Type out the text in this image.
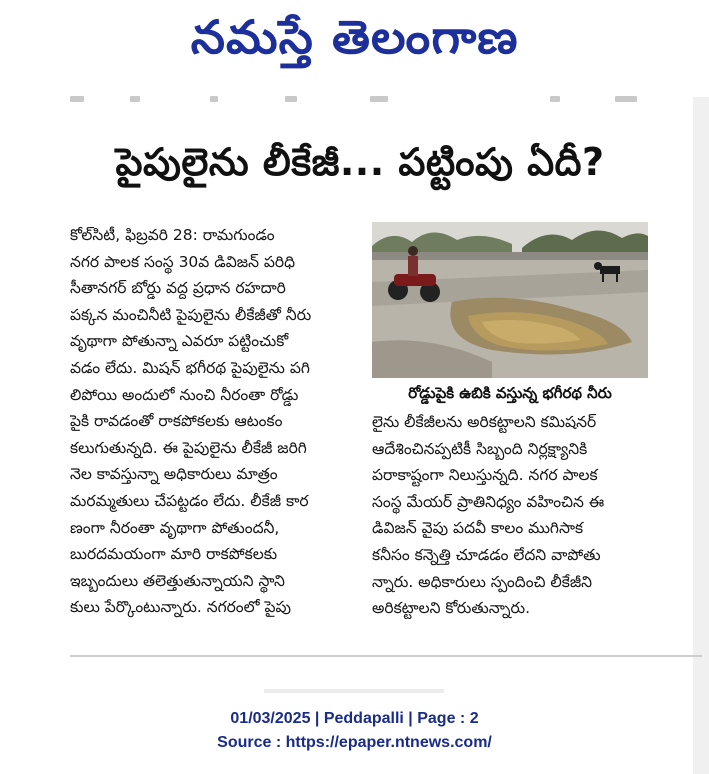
నమస్తే తెలంగాణ
పైపులైను లీకేజీ... పట్టింపు ఏదీ?
కోల్‌సిటీ, ఫిబ్రవరి 28: రామగుండం
నగర పాలక సంస్థ 30వ డివిజన్ పరిధి
సీతానగర్ బోర్డు వద్ద ప్రధాన రహదారి
పక్కన మంచినీటి పైపులైను లీకేజీతో నీరు
వృథాగా పోతున్నా ఎవరూ పట్టించుకో
వడం లేదు. మిషన్ భగీరథ పైపులైను పగి
లిపోయి అందులో నుంచి నీరంతా రోడ్డు
పైకి రావడంతో రాకపోకలకు ఆటంకం
కలుగుతున్నది. ఈ పైపులైను లీకేజీ జరిగి
నెల కావస్తున్నా అధికారులు మాత్రం
మరమ్మతులు చేపట్టడం లేదు. లీకేజీ కార
ణంగా నీరంతా వృథాగా పోతుందనీ,
బురదమయంగా మారి రాకపోకలకు
ఇబ్బందులు తలెత్తుతున్నాయని స్థాని
కులు పేర్కొంటున్నారు. నగరంలో పైపు
రోడ్డుపైకి ఉబికి వస్తున్న భగీరథ నీరు
లైను లీకేజీలను అరికట్టాలని కమిషనర్
ఆదేశించినప్పటికీ సిబ్బంది నిర్లక్ష్యానికి
పరాకాష్టంగా నిలుస్తున్నది. నగర పాలక
సంస్థ మేయర్ ప్రాతినిధ్యం వహించిన ఈ
డివిజన్ వైపు పదవీ కాలం ముగిసాక
కనీసం కన్నెత్తి చూడడం లేదని వాపోతు
న్నారు. అధికారులు స్పందించి లీకేజీని
అరికట్టాలని కోరుతున్నారు.
01/03/2025 | Peddapalli | Page : 2
Source : https://epaper.ntnews.com/
